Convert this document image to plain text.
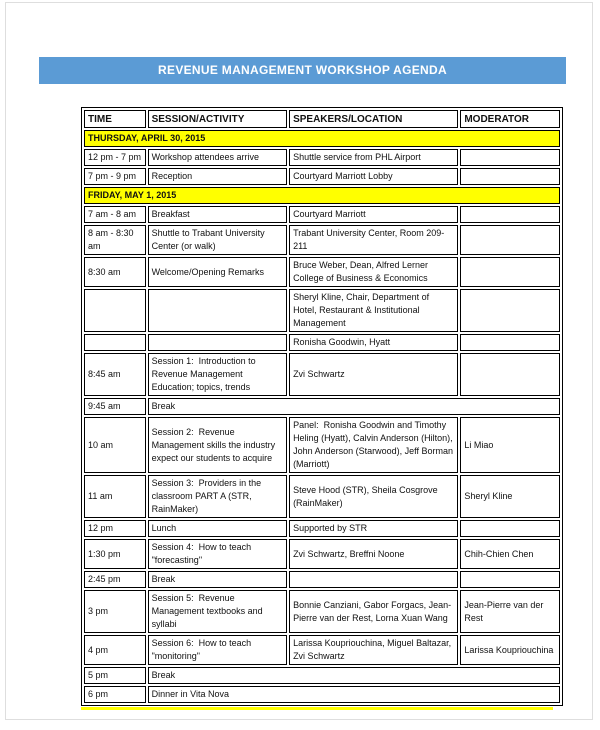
REVENUE MANAGEMENT WORKSHOP AGENDA
TIME	SESSION/ACTIVITY	SPEAKERS/LOCATION	MODERATOR
THURSDAY, APRIL 30, 2015			
12 pm - 7 pm	Workshop attendees arrive	Shuttle service from PHL Airport	
7 pm - 9 pm	Reception	Courtyard Marriott Lobby	
FRIDAY, MAY 1, 2015			
7 am - 8 am	Breakfast	Courtyard Marriott	
8 am - 8:30 am	Shuttle to Trabant University Center (or walk)	Trabant University Center, Room 209-211	
8:30 am	Welcome/Opening Remarks	Bruce Weber, Dean, Alfred Lerner College of Business & Economics	
		Sheryl Kline, Chair, Department of Hotel, Restaurant & Institutional Management	
		Ronisha Goodwin, Hyatt	
8:45 am	Session 1:  Introduction to Revenue Management Education; topics, trends	Zvi Schwartz	
9:45 am	Break		
10 am	Session 2:  Revenue Management skills the industry expect our students to acquire	Panel:  Ronisha Goodwin and Timothy Heling (Hyatt), Calvin Anderson (Hilton), John Anderson (Starwood), Jeff Borman (Marriott)	Li Miao
11 am	Session 3:  Providers in the classroom PART A (STR, RainMaker)	Steve Hood (STR), Sheila Cosgrove (RainMaker)	Sheryl Kline
12 pm	Lunch	Supported by STR	
1:30 pm	Session 4:  How to teach "forecasting"	Zvi Schwartz, Breffni Noone	Chih-Chien Chen
2:45 pm	Break		
3 pm	Session 5:  Revenue Management textbooks and syllabi	Bonnie Canziani, Gabor Forgacs, Jean-Pierre van der Rest, Lorna Xuan Wang	Jean-Pierre van der Rest
4 pm	Session 6:  How to teach "monitoring"	Larissa Koupriouchina, Miguel Baltazar, Zvi Schwartz	Larissa Koupriouchina
5 pm	Break		
6 pm	Dinner in Vita Nova		
